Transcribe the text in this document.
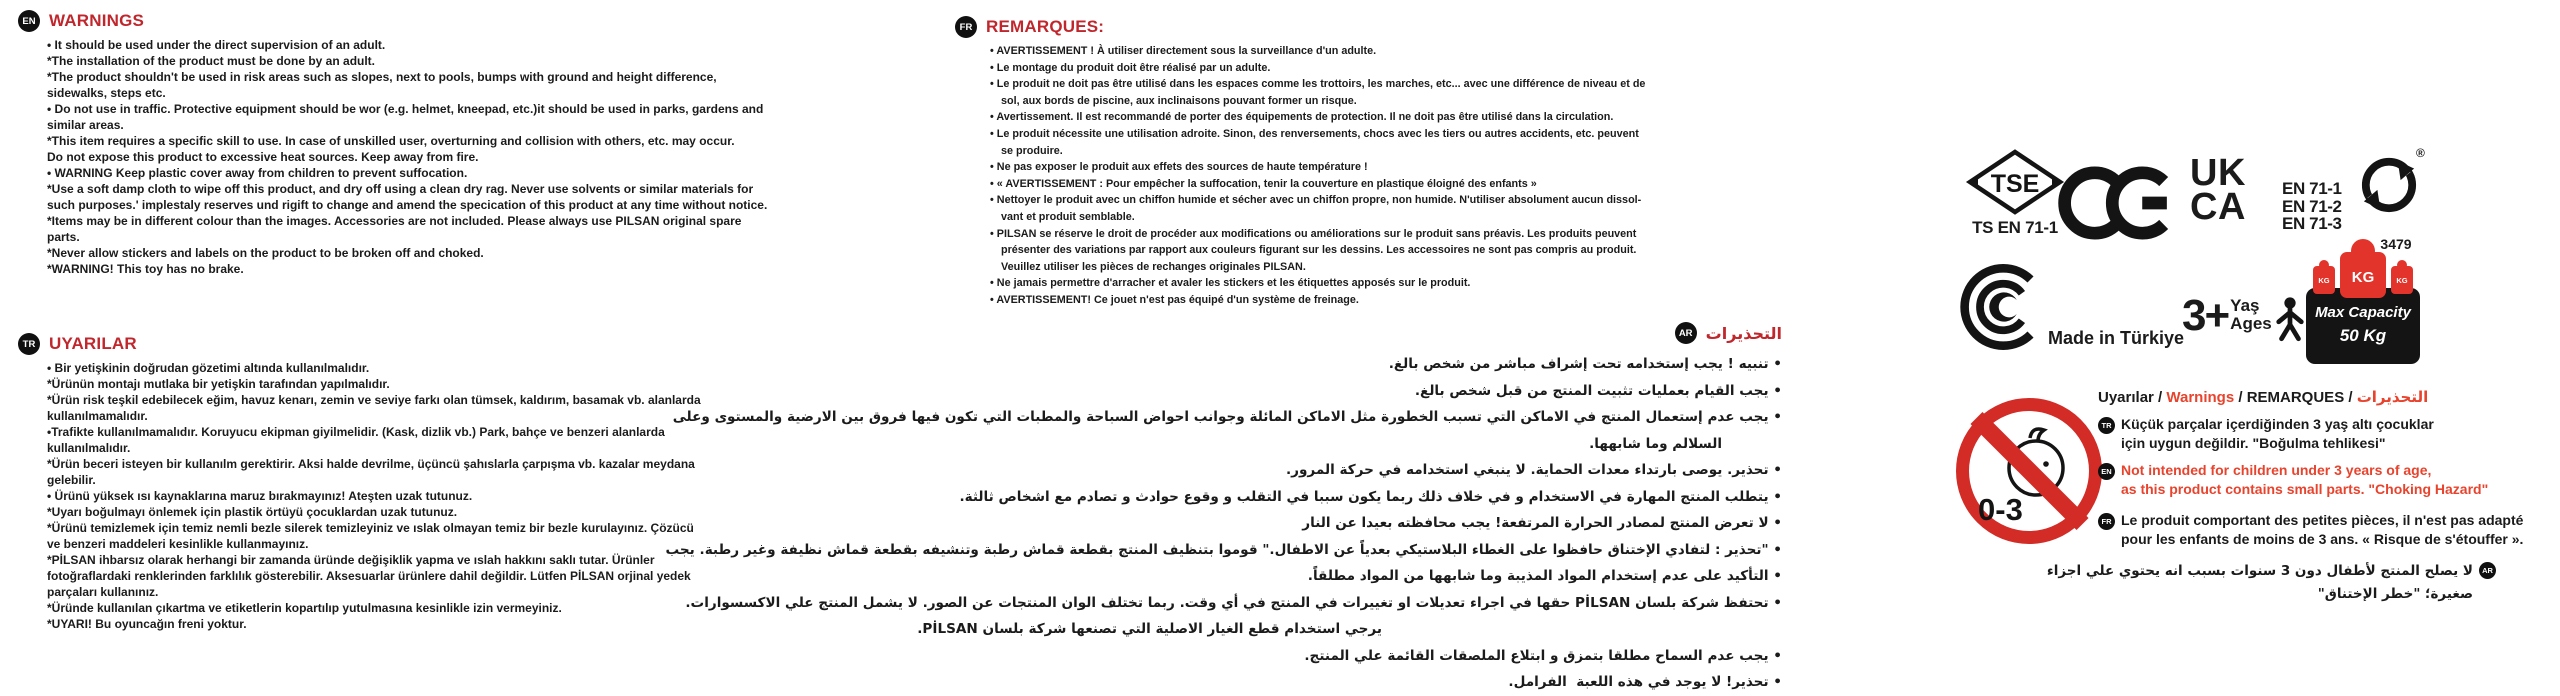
EN WARNINGS
• It should be used under the direct supervision of an adult.
*The installation of the product must be done by an adult.
*The product shouldn't be used in risk areas such as slopes, next to pools, bumps with ground and height difference,
sidewalks, steps etc.
• Do not use in traffic. Protective equipment should be wor (e.g. helmet, kneepad, etc.)it should be used in parks, gardens and
similar areas.
*This item requires a specific skill to use. In case of unskilled user, overturning and collision with others, etc. may occur.
Do not expose this product to excessive heat sources. Keep away from fire.
• WARNING Keep plastic cover away from children to prevent suffocation.
*Use a soft damp cloth to wipe off this product, and dry off using a clean dry rag. Never use solvents or similar materials for
such purposes.' implestaly reserves und rigift to change and amend the specication of this product at any time without notice.
*Items may be in different colour than the images. Accessories are not included. Please always use PILSAN original spare
parts.
*Never allow stickers and labels on the product to be broken off and choked.
*WARNING! This toy has no brake.
TR UYARILAR
• Bir yetişkinin doğrudan gözetimi altında kullanılmalıdır.
*Ürünün montajı mutlaka bir yetişkin tarafından yapılmalıdır.
*Ürün risk teşkil edebilecek eğim, havuz kenarı, zemin ve seviye farkı olan tümsek, kaldırım, basamak vb. alanlarda
kullanılmamalıdır.
•Trafikte kullanılmamalıdır. Koruyucu ekipman giyilmelidir. (Kask, dizlik vb.) Park, bahçe ve benzeri alanlarda
kullanılmalıdır.
*Ürün beceri isteyen bir kullanılm gerektirir. Aksi halde devrilme, üçüncü şahıslarla çarpışma vb. kazalar meydana
gelebilir.
• Ürünü yüksek ısı kaynaklarına maruz bırakmayınız! Ateşten uzak tutunuz.
*Uyarı boğulmayı önlemek için plastik örtüyü çocuklardan uzak tutunuz.
*Ürünü temizlemek için temiz nemli bezle silerek temizleyiniz ve ıslak olmayan temiz bir bezle kurulayınız. Çözücü
ve benzeri maddeleri kesinlikle kullanmayınız.
*PİLSAN ihbarsız olarak herhangi bir zamanda üründe değişiklik yapma ve ıslah hakkını saklı tutar. Ürünler
fotoğraflardaki renklerinden farklılık gösterebilir. Aksesuarlar ürünlere dahil değildir. Lütfen PİLSAN orjinal yedek
parçaları kullanınız.
*Üründe kullanılan çıkartma ve etiketlerin kopartılıp yutulmasına kesinlikle izin vermeyiniz.
*UYARI! Bu oyuncağın freni yoktur.
FR REMARQUES:
• AVERTISSEMENT ! À utiliser directement sous la surveillance d'un adulte.
• Le montage du produit doit être réalisé par un adulte.
• Le produit ne doit pas être utilisé dans les espaces comme les trottoirs, les marches, etc... avec une différence de niveau et de
sol, aux bords de piscine, aux inclinaisons pouvant former un risque.
• Avertissement. Il est recommandé de porter des équipements de protection. Il ne doit pas être utilisé dans la circulation.
• Le produit nécessite une utilisation adroite. Sinon, des renversements, chocs avec les tiers ou autres accidents, etc. peuvent
se produire.
• Ne pas exposer le produit aux effets des sources de haute température !
• « AVERTISSEMENT : Pour empêcher la suffocation, tenir la couverture en plastique éloigné des enfants »
• Nettoyer le produit avec un chiffon humide et sécher avec un chiffon propre, non humide. N'utiliser absolument aucun dissol-
vant et produit semblable.
• PILSAN se réserve le droit de procéder aux modifications ou améliorations sur le produit sans préavis. Les produits peuvent
présenter des variations par rapport aux couleurs figurant sur les dessins. Les accessoires ne sont pas compris au produit.
Veuillez utiliser les pièces de rechanges originales PILSAN.
• Ne jamais permettre d'arracher et avaler les stickers et les étiquettes apposés sur le produit.
• AVERTISSEMENT! Ce jouet n'est pas équipé d'un système de freinage.
التحذيرات
AR
• تنبيه ! يجب إستخدامه تحت إشراف مباشر من شخص بالغ.
• يجب القيام بعمليات تثبيت المنتج من قبل شخص بالغ.
• يجب عدم إستعمال المنتج في الاماكن التي تسبب الخطورة مثل الاماكن المائلة وجوانب احواض السباحة والمطبات التي تكون فيها فروق بين الارضية والمستوى وعلى
السلالم وما شابهها.
• تحذير. يوصى بارتداء معدات الحماية. لا ينبغي استخدامه في حركة المرور.
• يتطلب المنتج المهارة في الاستخدام و في خلاف ذلك ربما يكون سببا في التقلب و وقوع حوادث و تصادم مع اشخاص ثالثة.
• لا تعرض المنتج لمصادر الحرارة المرتفعة! يجب محافظته بعيدا عن النار
• "تحذير : لتفادي الإختناق حافظوا على الغطاء البلاستيكي بعدياً عن الاطفال." قوموا بتنظيف المنتج بقطعة قماش رطبة وتنشيفه بقطعة قماش نظيفة وغير رطبة. يجب
• التأكيد على عدم إستخدام المواد المذيبة وما شابهها من المواد مطلقاً.
• تحتفظ شركة بلسان PİLSAN حقها في اجراء تعديلات او تغييرات في المنتج في أي وقت. ربما تختلف الوان المنتجات عن الصور. لا يشمل المنتج علي الاكسسوارات.
يرجي استخدام قطع الغيار الاصلية التي تصنعها شركة بلسان PİLSAN.
• يجب عدم السماح مطلقا بتمزق و ابتلاع الملصقات القائمة علي المنتج.
• تحذير! لا يوجد في هذه اللعبة  الفرامل.
TSE
TS EN 71-1
UK
CA EN 71-1
EN 71-2
EN 71-3
®
3479
Made in Türkiye
3+ Yaş
Ages
KG	KG
KG
Max Capacity
50 Kg
0-3
Uyarılar / Warnings / REMARQUES / التحذيرات
TR Küçük parçalar içerdiğinden 3 yaş altı çocuklar
için uygun değildir. "Boğulma tehlikesi"
EN Not intended for children under 3 years of age,
as this product contains small parts. "Choking Hazard"
FR Le produit comportant des petites pièces, il n'est pas adapté
pour les enfants de moins de 3 ans. « Risque de s'étouffer ».
AR
لا يصلح المنتج لأطفال دون 3 سنوات بسبب انه يحتوي علي اجزاء
صغيرة؛ "خطر الإختناق"
